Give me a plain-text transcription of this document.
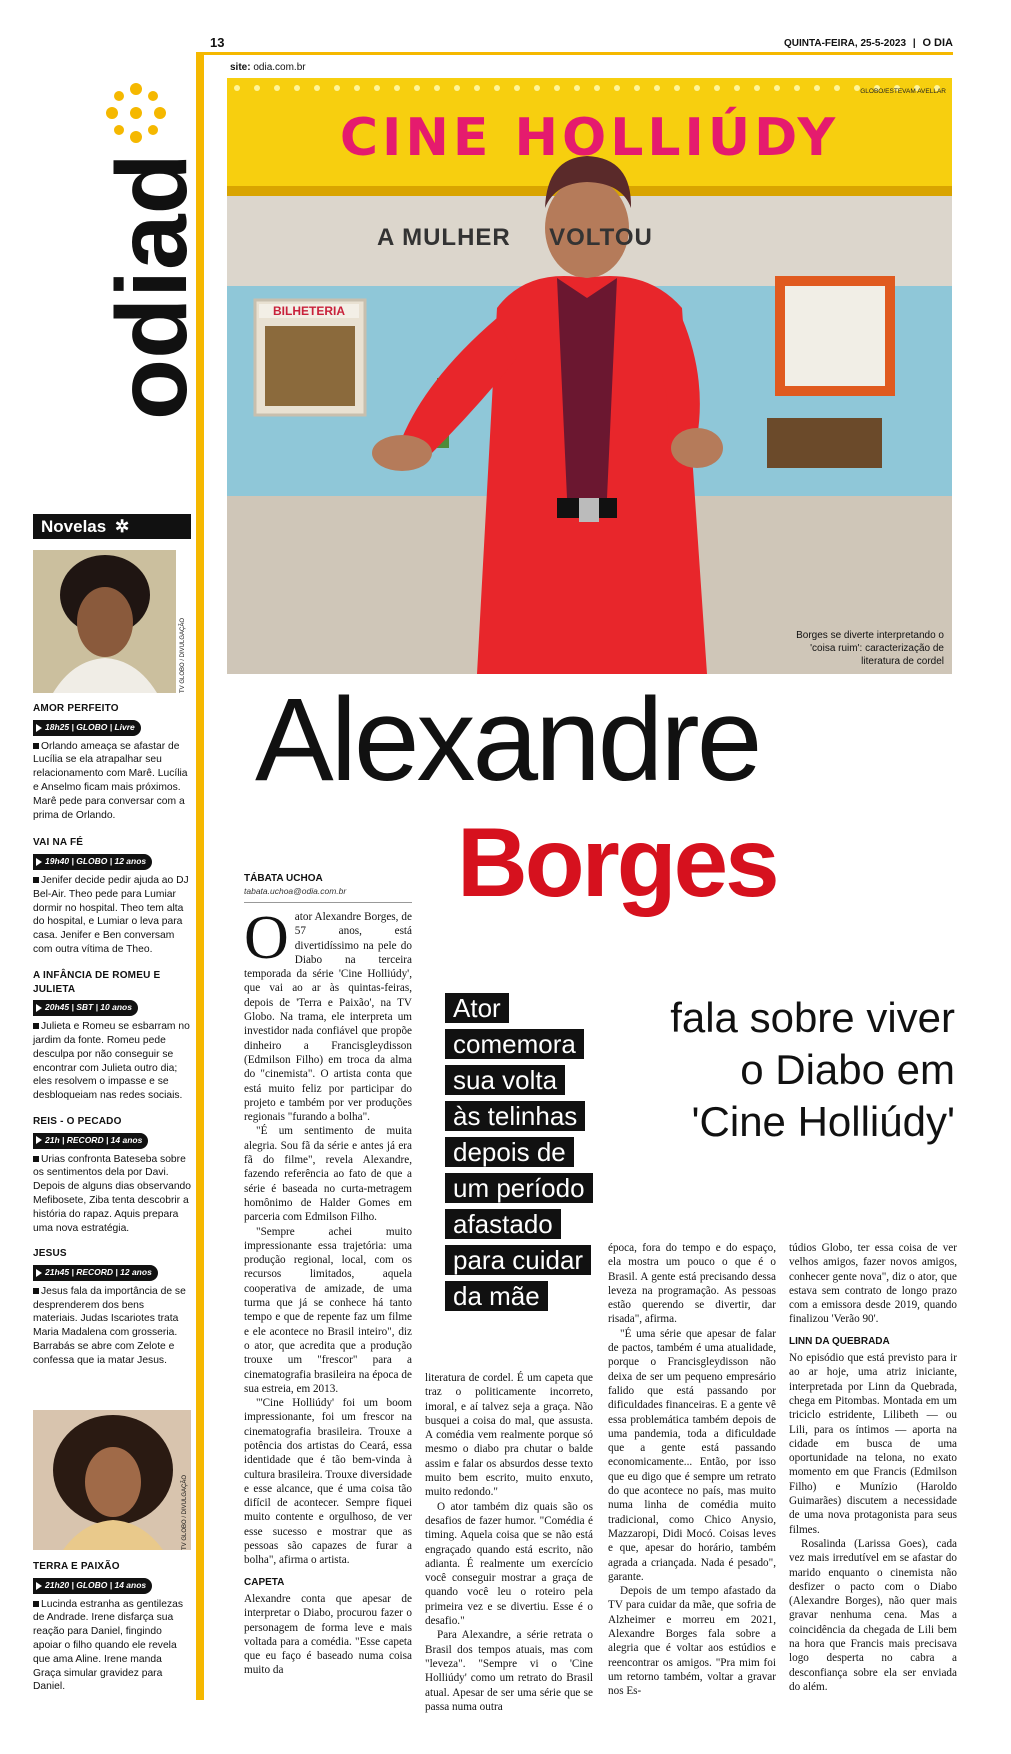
13	QUINTA-FEIRA, 25-5-2023 | O DIA
site: odia.com.br
odiad
CINE HOLLIÚDY
A MULHER     VOLTOU
BILHETERIA
GLOBO/ESTEVAM AVELLAR
Borges se diverte interpretando o 'coisa ruim': caracterização de literatura de cordel
Alexandre
Borges
fala sobre viver
o Diabo em
'Cine Holliúdy'
Ator
comemora
sua volta
às telinhas
depois de
um período
afastado
para cuidar
da mãe
TÁBATA UCHOA
tabata.uchoa@odia.com.br
O ator Alexandre Borges, de 57 anos, está divertidíssimo na pele do Diabo na terceira temporada da série 'Cine Holliúdy', que vai ao ar às quintas-feiras, depois de 'Terra e Paixão', na TV Globo. Na trama, ele interpreta um investidor nada confiável que propõe dinheiro a Francisgleydisson (Edmilson Filho) em troca da alma do "cinemista". O artista conta que está muito feliz por participar do projeto e também por ver produções regionais "furando a bolha".

"É um sentimento de muita alegria. Sou fã da série e antes já era fã do filme", revela Alexandre, fazendo referência ao fato de que a série é baseada no curta-metragem homônimo de Halder Gomes em parceria com Edmilson Filho.

"Sempre achei muito impressionante essa trajetória: uma produção regional, local, com os recursos limitados, aquela cooperativa de amizade, de uma turma que já se conhece há tanto tempo e que de repente faz um filme e ele acontece no Brasil inteiro", diz o ator, que acredita que a produção trouxe um "frescor" para a cinematografia brasileira na época de sua estreia, em 2013.

"'Cine Holliúdy' foi um boom impressionante, foi um frescor na cinematografia brasileira. Trouxe a potência dos artistas do Ceará, essa identidade que é tão bem-vinda à cultura brasileira. Trouxe diversidade e esse alcance, que é uma coisa tão difícil de acontecer. Sempre fiquei muito contente e orgulhoso, de ver esse sucesso e mostrar que as pessoas são capazes de furar a bolha", afirma o artista.

CAPETA

Alexandre conta que apesar de interpretar o Diabo, procurou fazer o personagem de forma leve e mais voltada para a comédia. "Esse capeta que eu faço é baseado numa coisa muito da

literatura de cordel. É um capeta que traz o politicamente incorreto, imoral, e aí talvez seja a graça. Não busquei a coisa do mal, que assusta. A comédia vem realmente porque só mesmo o diabo pra chutar o balde assim e falar os absurdos desse texto muito bem escrito, muito enxuto, muito redondo."

O ator também diz quais são os desafios de fazer humor. "Comédia é timing. Aquela coisa que se não está engraçado quando está escrito, não adianta. É realmente um exercício você conseguir mostrar a graça de quando você leu o roteiro pela primeira vez e se divertiu. Esse é o desafio."

Para Alexandre, a série retrata o Brasil dos tempos atuais, mas com "leveza". "Sempre vi o 'Cine Holliúdy' como um retrato do Brasil atual. Apesar de ser uma série que se passa numa outra

época, fora do tempo e do espaço, ela mostra um pouco o que é o Brasil. A gente está precisando dessa leveza na programação. As pessoas estão querendo se divertir, dar risada", afirma.

"É uma série que apesar de falar de pactos, também é uma atualidade, porque o Francisgleydisson não deixa de ser um pequeno empresário falido que está passando por dificuldades financeiras. E a gente vê essa problemática também depois de uma pandemia, toda a dificuldade que a gente está passando economicamente... Então, por isso que eu digo que é sempre um retrato do que acontece no país, mas muito numa linha de comédia muito tradicional, como Chico Anysio, Mazzaropi, Didi Mocó. Coisas leves e que, apesar do horário, também agrada a criançada. Nada é pesado", garante.

Depois de um tempo afastado da TV para cuidar da mãe, que sofria de Alzheimer e morreu em 2021, Alexandre Borges fala sobre a alegria que é voltar aos estúdios e reencontrar os amigos. "Pra mim foi um retorno também, voltar a gravar nos Es-

túdios Globo, ter essa coisa de ver velhos amigos, fazer novos amigos, conhecer gente nova", diz o ator, que estava sem contrato de longo prazo com a emissora desde 2019, quando finalizou 'Verão 90'.

LINN DA QUEBRADA

No episódio que está previsto para ir ao ar hoje, uma atriz iniciante, interpretada por Linn da Quebrada, chega em Pitombas. Montada em um triciclo estridente, Lilibeth — ou Lili, para os íntimos — aporta na cidade em busca de uma oportunidade na telona, no exato momento em que Francis (Edmilson Filho) e Munízio (Haroldo Guimarães) discutem a necessidade de uma nova protagonista para seus filmes.

Rosalinda (Larissa Goes), cada vez mais irredutível em se afastar do marido enquanto o cinemista não desfizer o pacto com o Diabo (Alexandre Borges), não quer mais gravar nenhuma cena. Mas a coincidência da chegada de Lili bem na hora que Francis mais precisava logo desperta no cabra a desconfiança sobre ela ser enviada do além.

Novelas ✲
TV GLOBO / DIVULGAÇÃO
AMOR PERFEITO
18h25 | GLOBO | Livre
Orlando ameaça se afastar de Lucília se ela atrapalhar seu relacionamento com Marê. Lucília e Anselmo ficam mais próximos. Marê pede para conversar com a prima de Orlando.
VAI NA FÉ
19h40 | GLOBO | 12 anos
Jenifer decide pedir ajuda ao DJ Bel-Air. Theo pede para Lumiar dormir no hospital. Theo tem alta do hospital, e Lumiar o leva para casa. Jenifer e Ben conversam com outra vítima de Theo.
A INFÂNCIA DE ROMEU E JULIETA
20h45 | SBT | 10 anos
Julieta e Romeu se esbarram no jardim da fonte. Romeu pede desculpa por não conseguir se encontrar com Julieta outro dia; eles resolvem o impasse e se desbloqueiam nas redes sociais.
REIS - O PECADO
21h | RECORD | 14 anos
Urias confronta Bateseba sobre os sentimentos dela por Davi. Depois de alguns dias observando Mefibosete, Ziba tenta descobrir a história do rapaz. Aquis prepara uma nova estratégia.
JESUS
21h45 | RECORD | 12 anos
Jesus fala da importância de se desprenderem dos bens materiais. Judas Iscariotes trata Maria Madalena com grosseria. Barrabás se abre com Zelote e confessa que ia matar Jesus.
TV GLOBO / DIVULGAÇÃO
TERRA E PAIXÃO
21h20 | GLOBO | 14 anos
Lucinda estranha as gentilezas de Andrade. Irene disfarça sua reação para Daniel, fingindo apoiar o filho quando ele revela que ama Aline. Irene manda Graça simular gravidez para Daniel.
